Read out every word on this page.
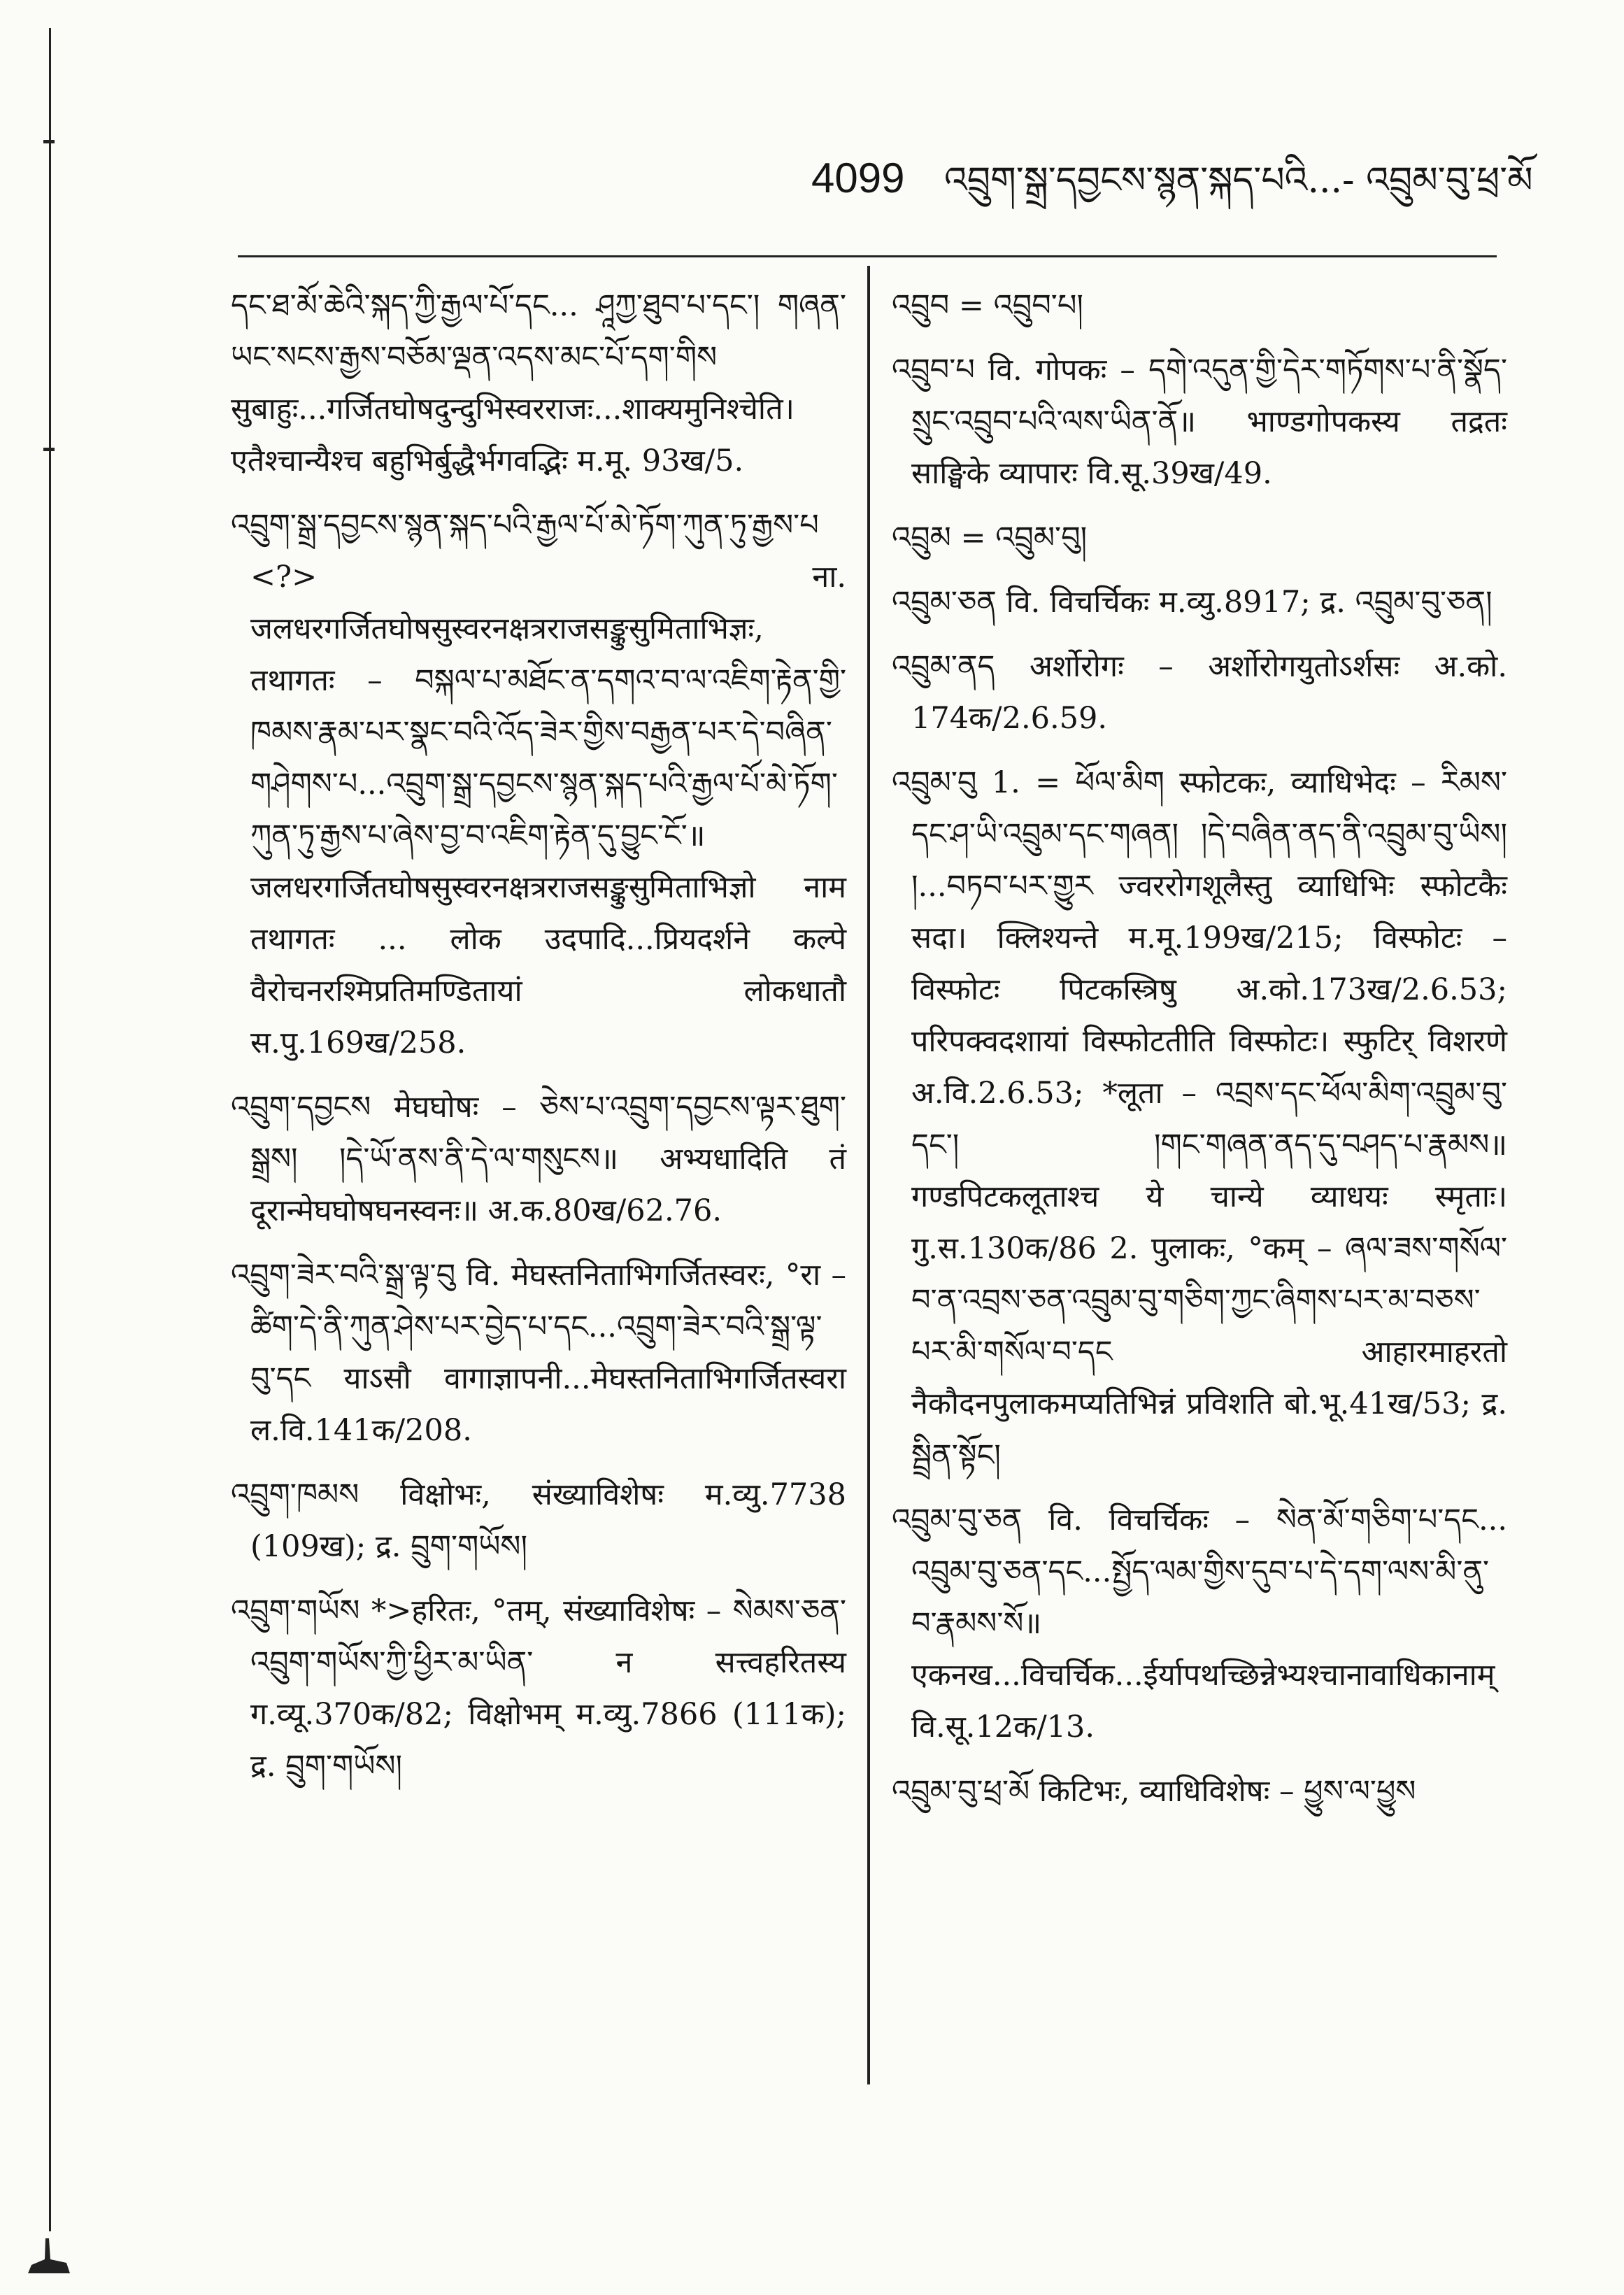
4099 འབྲུག་སྒྲ་དབྱངས་སྙན་སྐད་པའི...- འབྲུམ་བུ་ཕྲ་མོ

དང་ཐ་མོ་ཆེའི་སྐད་ཀྱི་རྒྱལ་པོ་དང... ཤཱཀྱ་ཐུབ་པ་དང་། གཞན་ཡང་སངས་རྒྱས་བཅོམ་ལྡན་འདས་མང་པོ་དག་གིས सुबाहुः...गर्जितघोषदुन्दुभिस्वरराजः...शाक्यमुनिश्चेति। एतैश्चान्यैश्च बहुभिर्बुद्धैर्भगवद्भिः म.मू. 93ख/5.

འབྲུག་སྒྲ་དབྱངས་སྙན་སྐད་པའི་རྒྱལ་པོ་མེ་ཏོག་ཀུན་ཏུ་རྒྱས་པ <?> ना. जलधरगर्जितघोषसुस्वरनक्षत्रराजसङ्कुसुमिताभिज्ञः, तथागतः – བསྐལ་པ་མཐོང་ན་དགའ་བ་ལ་འཇིག་རྟེན་གྱི་ཁམས་རྣམ་པར་སྣང་བའི་འོད་ཟེར་གྱིས་བརྒྱན་པར་དེ་བཞིན་གཤེགས་པ...འབྲུག་སྒྲ་དབྱངས་སྙན་སྐད་པའི་རྒྱལ་པོ་མེ་ཏོག་ཀུན་ཏུ་རྒྱས་པ་ཞེས་བྱ་བ་འཇིག་རྟེན་དུ་བྱུང་ངོ་॥ जलधरगर्जितघोषसुस्वरनक्षत्रराजसङ्कुसुमिताभिज्ञो नाम तथागतः ... लोक उदपादि...प्रियदर्शने कल्पे वैरोचनरश्मिप्रतिमण्डितायां लोकधातौ स.पु.169ख/258.

འབྲུག་དབྱངས मेघघोषः – ཅེས་པ་འབྲུག་དབྱངས་ལྟར་ཐུག་སྒྲས། །དེ་ཡོ་ནས་ནི་དེ་ལ་གསུངས॥ अभ्यधादिति तं दूरान्मेघघोषघनस्वनः॥ अ.क.80ख/62.76.

འབྲུག་ཟེར་བའི་སྒྲ་ལྟ་བུ वि. मेघस्तनिताभिगर्जितस्वरः, °रा – ཚིག་དེ་ནི་ཀུན་ཤེས་པར་བྱེད་པ་དང...འབྲུག་ཟེར་བའི་སྒྲ་ལྟ་བུ་དང याऽसौ वागाज्ञापनी...मेघस्तनिताभिगर्जितस्वरा ल.वि.141क/208.

འབྲུག་ཁམས विक्षोभः, संख्याविशेषः म.व्यु.7738 (109ख); द्र. བྲུག་གཡོས།

འབྲུག་གཡོས *>हरितः, °तम्, संख्याविशेषः – སེམས་ཅན་འབྲུག་གཡོས་ཀྱི་ཕྱིར་མ་ཡིན་ न सत्त्वहरितस्य ग.व्यू.370क/82; विक्षोभम् म.व्यु.7866 (111क); द्र. བྲུག་གཡོས།

འབྲུབ = འབྲུབ་པ།

འབྲུབ་པ वि. गोपकः – དགེ་འདུན་གྱི་དེར་གཏོགས་པ་ནི་སྣོད་སྲུང་འབྲུབ་པའི་ལས་ཡིན་ནོ॥ भाण्डगोपकस्य तद्रतः साङ्घिके व्यापारः वि.सू.39ख/49.

འབྲུམ = འབྲུམ་བུ།

འབྲུམ་ཅན वि. विचर्चिकः म.व्यु.8917; द्र. འབྲུམ་བུ་ཅན།

འབྲུམ་ནད अर्शोरोगः – अर्शोरोगयुतोऽर्शसः अ.को. 174क/2.6.59.

འབྲུམ་བུ 1. = ཕོལ་མིག स्फोटकः, व्याधिभेदः – རིམས་དང་ཤ་ཡི་འབྲུམ་དང་གཞན། །དེ་བཞིན་ནད་ནི་འབྲུམ་བུ་ཡིས། །...བཏབ་པར་གྱུར ज्वररोगशूलैस्तु व्याधिभिः स्फोटकैः सदा। क्लिश्यन्ते म.मू.199ख/215; विस्फोटः – विस्फोटः पिटकस्त्रिषु अ.को.173ख/2.6.53; परिपक्वदशायां विस्फोटतीति विस्फोटः। स्फुटिर् विशरणे अ.वि.2.6.53; *लूता – འབྲས་དང་ཕོལ་མིག་འབྲུམ་བུ་དང་། །གང་གཞན་ནད་དུ་བཤད་པ་རྣམས॥ गण्डपिटकलूताश्च ये चान्ये व्याधयः स्मृताः। गु.स.130क/86 2. पुलाकः, °कम् – ཞལ་ཟས་གསོལ་བ་ན་འབྲས་ཅན་འབྲུམ་བུ་གཅིག་ཀྱང་ཞིགས་པར་མ་བཅས་པར་མི་གསོལ་བ་དང आहारमाहरतो नैकौदनपुलाकमप्यतिभिन्नं प्रविशति बो.भू.41ख/53; द्र. སྦྲིན་སྟོང།

འབྲུམ་བུ་ཅན वि. विचर्चिकः – སེན་མོ་གཅིག་པ་དང... འབྲུམ་བུ་ཅན་དང...སྤྱོད་ལམ་གྱིས་དུབ་པ་དེ་དག་ལས་མི་ནུ་བ་རྣམས་སོ॥ एकनख...विचर्चिक...ईर्यापथच्छिन्नेभ्यश्चानावाधिकानाम् वि.सू.12क/13.

འབྲུམ་བུ་ཕྲ་མོ किटिभः, व्याधिविशेषः – ཕྱུས་ལ་ཕྱུས
